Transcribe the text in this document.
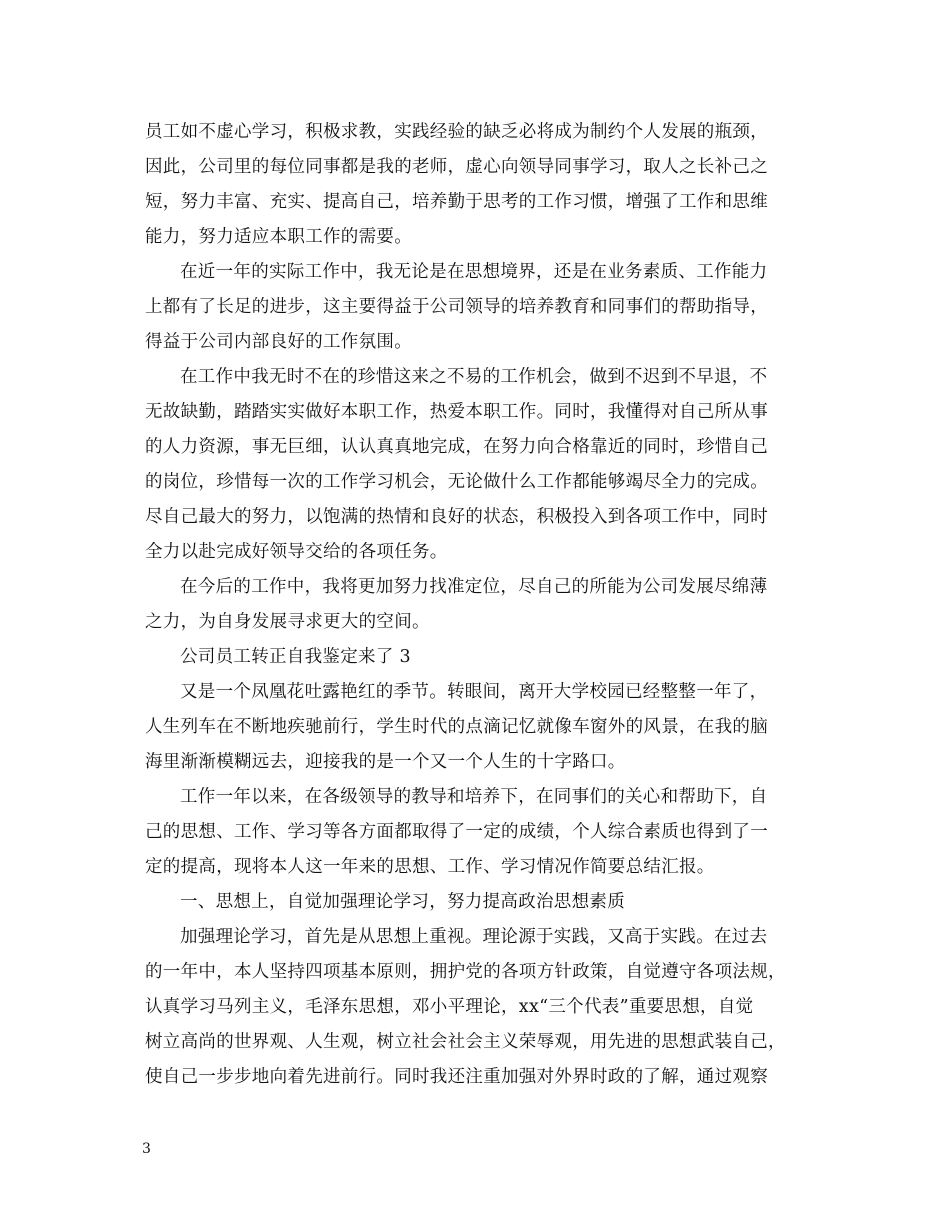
员工如不虚心学习，积极求教，实践经验的缺乏必将成为制约个人发展的瓶颈，
因此，公司里的每位同事都是我的老师，虚心向领导同事学习，取人之长补己之
短，努力丰富、充实、提高自己，培养勤于思考的工作习惯，增强了工作和思维
能力，努力适应本职工作的需要。
在近一年的实际工作中，我无论是在思想境界，还是在业务素质、工作能力
上都有了长足的进步，这主要得益于公司领导的培养教育和同事们的帮助指导，
得益于公司内部良好的工作氛围。
在工作中我无时不在的珍惜这来之不易的工作机会，做到不迟到不早退，不
无故缺勤，踏踏实实做好本职工作，热爱本职工作。同时，我懂得对自己所从事
的人力资源，事无巨细，认认真真地完成，在努力向合格靠近的同时，珍惜自己
的岗位，珍惜每一次的工作学习机会，无论做什么工作都能够竭尽全力的完成。
尽自己最大的努力，以饱满的热情和良好的状态，积极投入到各项工作中，同时
全力以赴完成好领导交给的各项任务。
在今后的工作中，我将更加努力找准定位，尽自己的所能为公司发展尽绵薄
之力，为自身发展寻求更大的空间。
公司员工转正自我鉴定来了 3
又是一个凤凰花吐露艳红的季节。转眼间，离开大学校园已经整整一年了，
人生列车在不断地疾驰前行，学生时代的点滴记忆就像车窗外的风景，在我的脑
海里渐渐模糊远去，迎接我的是一个又一个人生的十字路口。
工作一年以来，在各级领导的教导和培养下，在同事们的关心和帮助下，自
己的思想、工作、学习等各方面都取得了一定的成绩，个人综合素质也得到了一
定的提高，现将本人这一年来的思想、工作、学习情况作简要总结汇报。
一、思想上，自觉加强理论学习，努力提高政治思想素质
加强理论学习，首先是从思想上重视。理论源于实践，又高于实践。在过去
的一年中，本人坚持四项基本原则，拥护党的各项方针政策，自觉遵守各项法规，
认真学习马列主义，毛泽东思想，邓小平理论，xx“三个代表”重要思想，自觉
树立高尚的世界观、人生观，树立社会社会主义荣辱观，用先进的思想武装自己，
使自己一步步地向着先进前行。同时我还注重加强对外界时政的了解，通过观察
3
